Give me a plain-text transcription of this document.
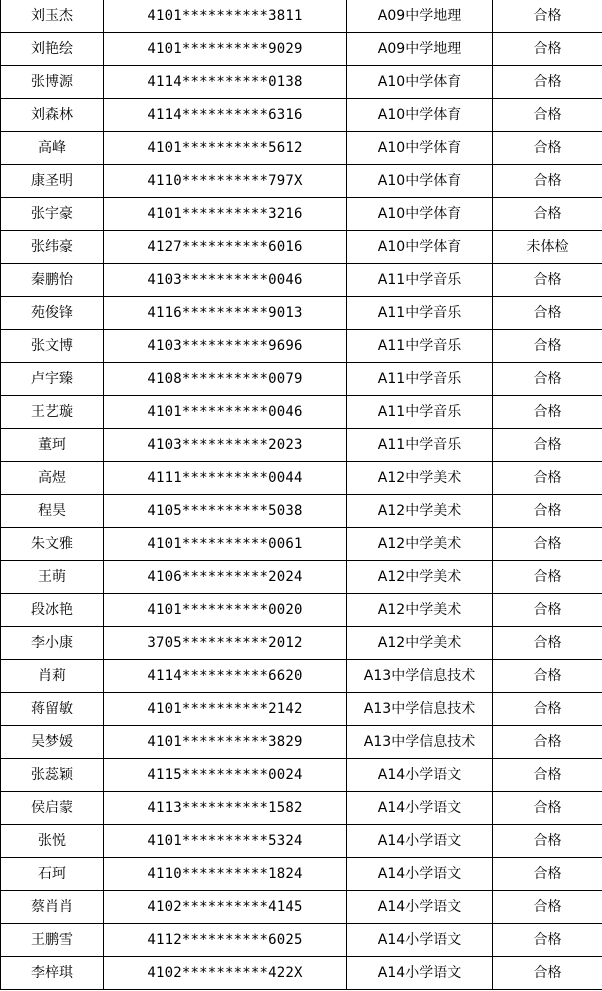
刘玉杰	4101**********3811	A09中学地理	合格
刘艳绘	4101**********9029	A09中学地理	合格
张博源	4114**********0138	A10中学体育	合格
刘森林	4114**********6316	A10中学体育	合格
高峰	4101**********5612	A10中学体育	合格
康圣明	4110**********797X	A10中学体育	合格
张宇豪	4101**********3216	A10中学体育	合格
张纬豪	4127**********6016	A10中学体育	未体检
秦鹏怡	4103**********0046	A11中学音乐	合格
苑俊锋	4116**********9013	A11中学音乐	合格
张文博	4103**********9696	A11中学音乐	合格
卢宇臻	4108**********0079	A11中学音乐	合格
王艺璇	4101**********0046	A11中学音乐	合格
董珂	4103**********2023	A11中学音乐	合格
高煜	4111**********0044	A12中学美术	合格
程昊	4105**********5038	A12中学美术	合格
朱文雅	4101**********0061	A12中学美术	合格
王萌	4106**********2024	A12中学美术	合格
段冰艳	4101**********0020	A12中学美术	合格
李小康	3705**********2012	A12中学美术	合格
肖莉	4114**********6620	A13中学信息技术	合格
蒋留敏	4101**********2142	A13中学信息技术	合格
吴梦媛	4101**********3829	A13中学信息技术	合格
张蕊颖	4115**********0024	A14小学语文	合格
侯启蒙	4113**********1582	A14小学语文	合格
张悦	4101**********5324	A14小学语文	合格
石珂	4110**********1824	A14小学语文	合格
蔡肖肖	4102**********4145	A14小学语文	合格
王鹏雪	4112**********6025	A14小学语文	合格
李梓琪	4102**********422X	A14小学语文	合格
